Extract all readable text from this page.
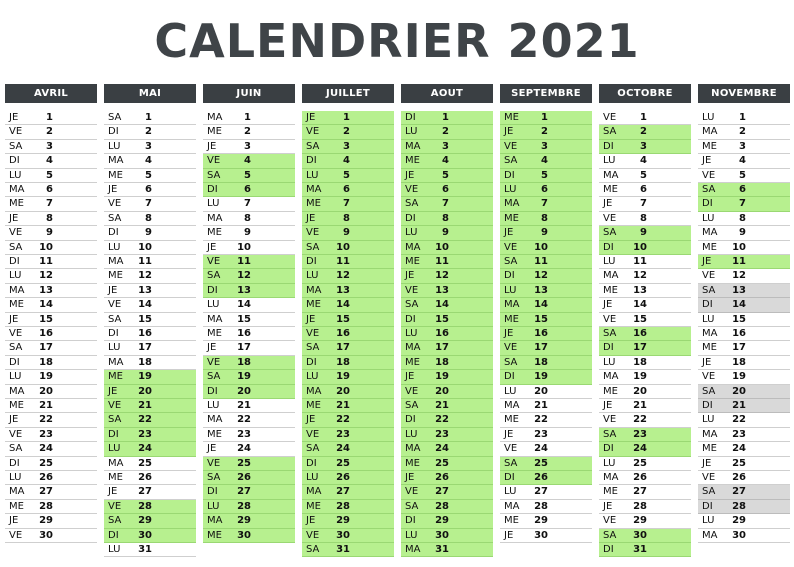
CALENDRIER 2021
AVRIL
JE	1
VE	2
SA	3
DI	4
LU	5
MA	6
ME	7
JE	8
VE	9
SA	10
DI	11
LU	12
MA	13
ME	14
JE	15
VE	16
SA	17
DI	18
LU	19
MA	20
ME	21
JE	22
VE	23
SA	24
DI	25
LU	26
MA	27
ME	28
JE	29
VE	30
MAI
SA	1
DI	2
LU	3
MA	4
ME	5
JE	6
VE	7
SA	8
DI	9
LU	10
MA	11
ME	12
JE	13
VE	14
SA	15
DI	16
LU	17
MA	18
ME	19
JE	20
VE	21
SA	22
DI	23
LU	24
MA	25
ME	26
JE	27
VE	28
SA	29
DI	30
LU	31
JUIN
MA	1
ME	2
JE	3
VE	4
SA	5
DI	6
LU	7
MA	8
ME	9
JE	10
VE	11
SA	12
DI	13
LU	14
MA	15
ME	16
JE	17
VE	18
SA	19
DI	20
LU	21
MA	22
ME	23
JE	24
VE	25
SA	26
DI	27
LU	28
MA	29
ME	30
JUILLET
JE	1
VE	2
SA	3
DI	4
LU	5
MA	6
ME	7
JE	8
VE	9
SA	10
DI	11
LU	12
MA	13
ME	14
JE	15
VE	16
SA	17
DI	18
LU	19
MA	20
ME	21
JE	22
VE	23
SA	24
DI	25
LU	26
MA	27
ME	28
JE	29
VE	30
SA	31
AOUT
DI	1
LU	2
MA	3
ME	4
JE	5
VE	6
SA	7
DI	8
LU	9
MA	10
ME	11
JE	12
VE	13
SA	14
DI	15
LU	16
MA	17
ME	18
JE	19
VE	20
SA	21
DI	22
LU	23
MA	24
ME	25
JE	26
VE	27
SA	28
DI	29
LU	30
MA	31
SEPTEMBRE
ME	1
JE	2
VE	3
SA	4
DI	5
LU	6
MA	7
ME	8
JE	9
VE	10
SA	11
DI	12
LU	13
MA	14
ME	15
JE	16
VE	17
SA	18
DI	19
LU	20
MA	21
ME	22
JE	23
VE	24
SA	25
DI	26
LU	27
MA	28
ME	29
JE	30
OCTOBRE
VE	1
SA	2
DI	3
LU	4
MA	5
ME	6
JE	7
VE	8
SA	9
DI	10
LU	11
MA	12
ME	13
JE	14
VE	15
SA	16
DI	17
LU	18
MA	19
ME	20
JE	21
VE	22
SA	23
DI	24
LU	25
MA	26
ME	27
JE	28
VE	29
SA	30
DI	31
NOVEMBRE
LU	1
MA	2
ME	3
JE	4
VE	5
SA	6
DI	7
LU	8
MA	9
ME	10
JE	11
VE	12
SA	13
DI	14
LU	15
MA	16
ME	17
JE	18
VE	19
SA	20
DI	21
LU	22
MA	23
ME	24
JE	25
VE	26
SA	27
DI	28
LU	29
MA	30
